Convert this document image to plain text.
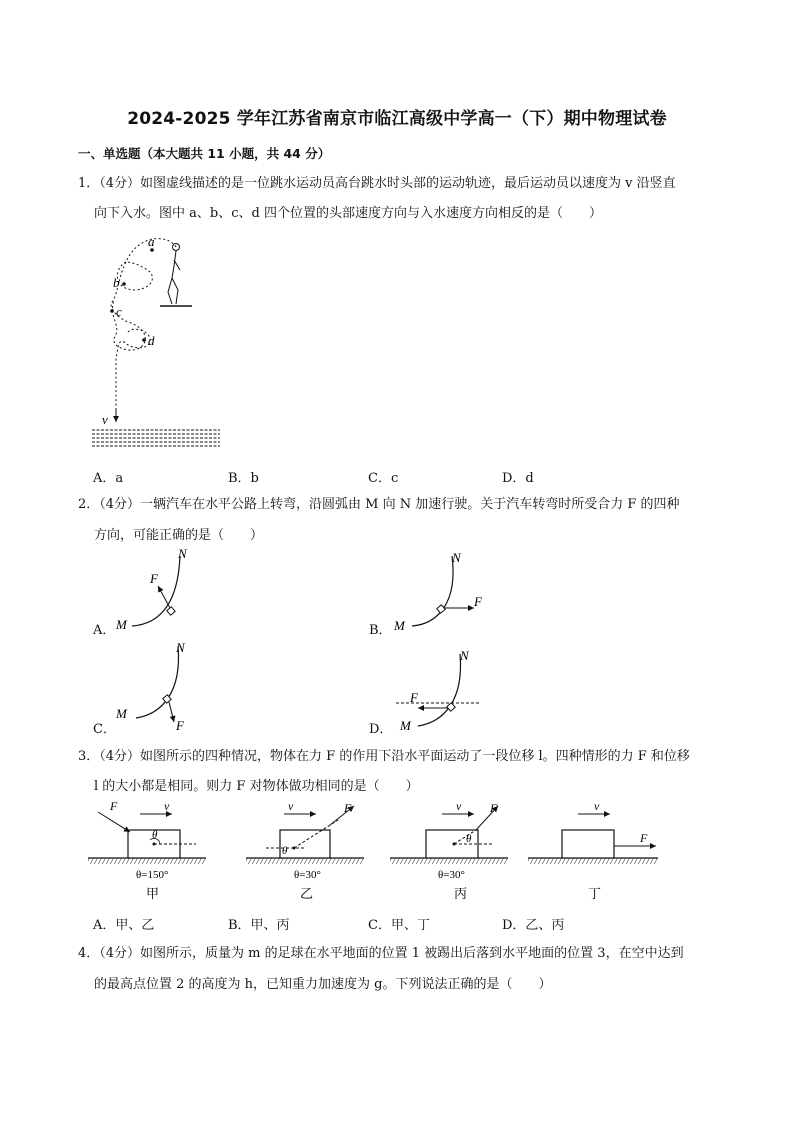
2024-2025 学年江苏省南京市临江高级中学高一（下）期中物理试卷
一、单选题（本大题共 11 小题，共 44 分）
1．（4分）如图虚线描述的是一位跳水运动员高台跳水时头部的运动轨迹，最后运动员以速度为 v 沿竖直
向下入水。图中 a、b、c、d 四个位置的头部速度方向与入水速度方向相反的是（　　）
a
b
c
d
v
A．a	B．b	C．c	D．d
2．（4分）一辆汽车在水平公路上转弯，沿圆弧由 M 向 N 加速行驶。关于汽车转弯时所受合力 F 的四种
方向，可能正确的是（　　）
A．
F
N
M	B．
F
N
M
C．	F
N
M
D．
F
N
M
3．（4分）如图所示的四种情况，物体在力 F 的作用下沿水平面运动了一段位移 l。四种情形的力 F 和位移
l 的大小都是相同。则力 F 对物体做功相同的是（　　）
F	v
θ
θ=150°
甲
v	F
θ
θ=30°
乙
v F
θ
θ=30°
丙
v
F
丁
A．甲、乙	B．甲、丙	C．甲、丁	D．乙、丙
4．（4分）如图所示，质量为 m 的足球在水平地面的位置 1 被踢出后落到水平地面的位置 3，在空中达到
的最高点位置 2 的高度为 h，已知重力加速度为 g。下列说法正确的是（　　）
